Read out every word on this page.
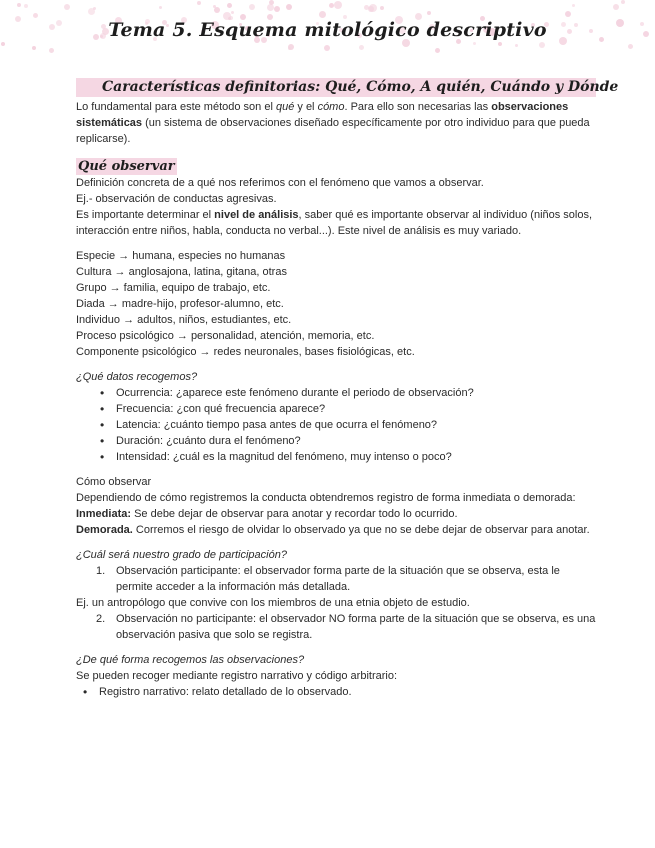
Tema 5. Esquema mitológico descriptivo
Características definitorias: Qué, Cómo, A quién, Cuándo y Dónde

Lo fundamental para este método son el qué y el cómo. Para ello son necesarias las observaciones sistemáticas (un sistema de observaciones diseñado específicamente por otro individuo para que pueda replicarse).

Qué observar

Definición concreta de a qué nos referimos con el fenómeno que vamos a observar.

Ej.- observación de conductas agresivas.

Es importante determinar el nivel de análisis, saber qué es importante observar al individuo (niños solos, interacción entre niños, habla, conducta no verbal...). Este nivel de análisis es muy variado.

Especie → humana, especies no humanas

Cultura → anglosajona, latina, gitana, otras

Grupo → familia, equipo de trabajo, etc.

Diada → madre-hijo, profesor-alumno, etc.

Individuo → adultos, niños, estudiantes, etc.

Proceso psicológico → personalidad, atención, memoria, etc.

Componente psicológico → redes neuronales, bases fisiológicas, etc.

¿Qué datos recogemos?

• Ocurrencia: ¿aparece este fenómeno durante el periodo de observación?
• Frecuencia: ¿con qué frecuencia aparece?
• Latencia: ¿cuánto tiempo pasa antes de que ocurra el fenómeno?
• Duración: ¿cuánto dura el fenómeno?
• Intensidad: ¿cuál es la magnitud del fenómeno, muy intenso o poco?

Cómo observar

Dependiendo de cómo registremos la conducta obtendremos registro de forma inmediata o demorada:

Inmediata: Se debe dejar de observar para anotar y recordar todo lo ocurrido.

Demorada. Corremos el riesgo de olvidar lo observado ya que no se debe dejar de observar para anotar.

¿Cuál será nuestro grado de participación?

1. Observación participante: el observador forma parte de la situación que se observa, esta le permite acceder a la información más detallada.

Ej. un antropólogo que convive con los miembros de una etnia objeto de estudio.

2. Observación no participante: el observador NO forma parte de la situación que se observa, es una observación pasiva que solo se registra.

¿De qué forma recogemos las observaciones?

Se pueden recoger mediante registro narrativo y código arbitrario:

• Registro narrativo: relato detallado de lo observado.
